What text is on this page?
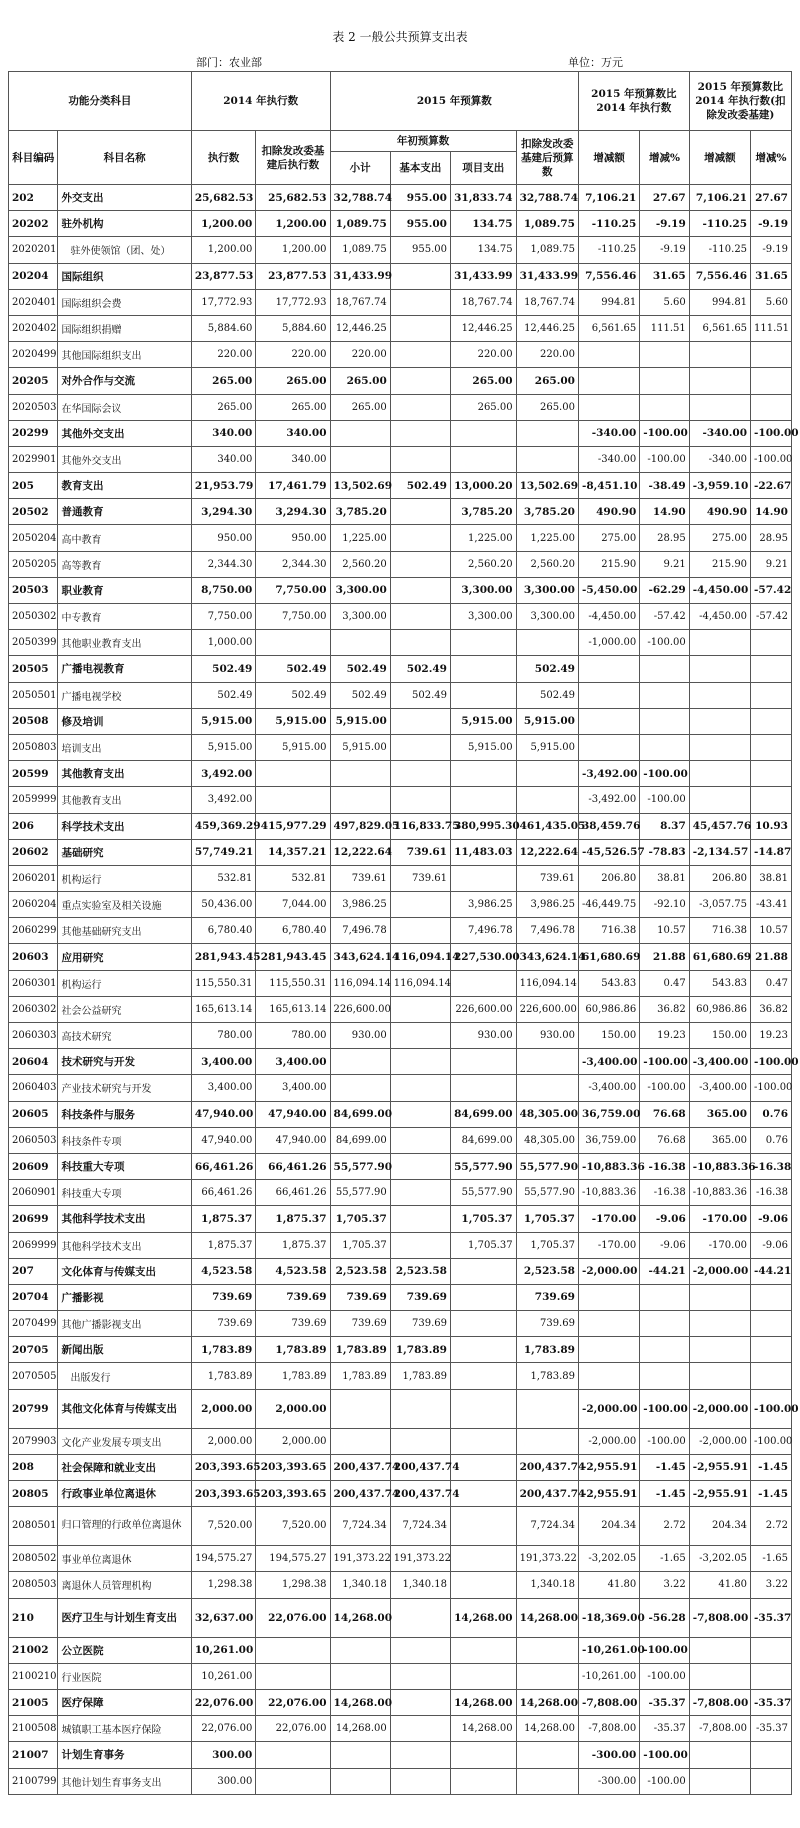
表 2 一般公共预算支出表
部门：农业部	单位：万元
功能分类科目		2014 年执行数		2015 年预算数				2015 年预算数比 2014 年执行数		2015 年预算数比 2014 年执行数(扣除发改委基建)	
科目编码	科目名称	执行数	扣除发改委基建后执行数	年初预算数			扣除发改委基建后预算数	增减额	增减%	增减额	增减%
				小计	基本支出	项目支出					
202	外交支出	25,682.53	25,682.53	32,788.74	955.00	31,833.74	32,788.74	7,106.21	27.67	7,106.21	27.67
20202	驻外机构	1,200.00	1,200.00	1,089.75	955.00	134.75	1,089.75	-110.25	-9.19	-110.25	-9.19
2020201	驻外使领馆（团、处）	1,200.00	1,200.00	1,089.75	955.00	134.75	1,089.75	-110.25	-9.19	-110.25	-9.19
20204	国际组织	23,877.53	23,877.53	31,433.99		31,433.99	31,433.99	7,556.46	31.65	7,556.46	31.65
2020401	国际组织会费	17,772.93	17,772.93	18,767.74		18,767.74	18,767.74	994.81	5.60	994.81	5.60
2020402	国际组织捐赠	5,884.60	5,884.60	12,446.25		12,446.25	12,446.25	6,561.65	111.51	6,561.65	111.51
2020499	其他国际组织支出	220.00	220.00	220.00		220.00	220.00				
20205	对外合作与交流	265.00	265.00	265.00		265.00	265.00				
2020503	在华国际会议	265.00	265.00	265.00		265.00	265.00				
20299	其他外交支出	340.00	340.00					-340.00	-100.00	-340.00	-100.00
2029901	其他外交支出	340.00	340.00					-340.00	-100.00	-340.00	-100.00
205	教育支出	21,953.79	17,461.79	13,502.69	502.49	13,000.20	13,502.69	-8,451.10	-38.49	-3,959.10	-22.67
20502	普通教育	3,294.30	3,294.30	3,785.20		3,785.20	3,785.20	490.90	14.90	490.90	14.90
2050204	高中教育	950.00	950.00	1,225.00		1,225.00	1,225.00	275.00	28.95	275.00	28.95
2050205	高等教育	2,344.30	2,344.30	2,560.20		2,560.20	2,560.20	215.90	9.21	215.90	9.21
20503	职业教育	8,750.00	7,750.00	3,300.00		3,300.00	3,300.00	-5,450.00	-62.29	-4,450.00	-57.42
2050302	中专教育	7,750.00	7,750.00	3,300.00		3,300.00	3,300.00	-4,450.00	-57.42	-4,450.00	-57.42
2050399	其他职业教育支出	1,000.00						-1,000.00	-100.00		
20505	广播电视教育	502.49	502.49	502.49	502.49		502.49				
2050501	广播电视学校	502.49	502.49	502.49	502.49		502.49				
20508	修及培训	5,915.00	5,915.00	5,915.00		5,915.00	5,915.00				
2050803	培训支出	5,915.00	5,915.00	5,915.00		5,915.00	5,915.00				
20599	其他教育支出	3,492.00						-3,492.00	-100.00		
2059999	其他教育支出	3,492.00						-3,492.00	-100.00		
206	科学技术支出	459,369.29	415,977.29	497,829.05	116,833.75	380,995.30	461,435.05	38,459.76	8.37	45,457.76	10.93
20602	基础研究	57,749.21	14,357.21	12,222.64	739.61	11,483.03	12,222.64	-45,526.57	-78.83	-2,134.57	-14.87
2060201	机构运行	532.81	532.81	739.61	739.61		739.61	206.80	38.81	206.80	38.81
2060204	重点实验室及相关设施	50,436.00	7,044.00	3,986.25		3,986.25	3,986.25	-46,449.75	-92.10	-3,057.75	-43.41
2060299	其他基础研究支出	6,780.40	6,780.40	7,496.78		7,496.78	7,496.78	716.38	10.57	716.38	10.57
20603	应用研究	281,943.45	281,943.45	343,624.14	116,094.14	227,530.00	343,624.14	61,680.69	21.88	61,680.69	21.88
2060301	机构运行	115,550.31	115,550.31	116,094.14	116,094.14		116,094.14	543.83	0.47	543.83	0.47
2060302	社会公益研究	165,613.14	165,613.14	226,600.00		226,600.00	226,600.00	60,986.86	36.82	60,986.86	36.82
2060303	高技术研究	780.00	780.00	930.00		930.00	930.00	150.00	19.23	150.00	19.23
20604	技术研究与开发	3,400.00	3,400.00					-3,400.00	-100.00	-3,400.00	-100.00
2060403	产业技术研究与开发	3,400.00	3,400.00					-3,400.00	-100.00	-3,400.00	-100.00
20605	科技条件与服务	47,940.00	47,940.00	84,699.00		84,699.00	48,305.00	36,759.00	76.68	365.00	0.76
2060503	科技条件专项	47,940.00	47,940.00	84,699.00		84,699.00	48,305.00	36,759.00	76.68	365.00	0.76
20609	科技重大专项	66,461.26	66,461.26	55,577.90		55,577.90	55,577.90	-10,883.36	-16.38	-10,883.36	-16.38
2060901	科技重大专项	66,461.26	66,461.26	55,577.90		55,577.90	55,577.90	-10,883.36	-16.38	-10,883.36	-16.38
20699	其他科学技术支出	1,875.37	1,875.37	1,705.37		1,705.37	1,705.37	-170.00	-9.06	-170.00	-9.06
2069999	其他科学技术支出	1,875.37	1,875.37	1,705.37		1,705.37	1,705.37	-170.00	-9.06	-170.00	-9.06
207	文化体育与传媒支出	4,523.58	4,523.58	2,523.58	2,523.58		2,523.58	-2,000.00	-44.21	-2,000.00	-44.21
20704	广播影视	739.69	739.69	739.69	739.69		739.69				
2070499	其他广播影视支出	739.69	739.69	739.69	739.69		739.69				
20705	新闻出版	1,783.89	1,783.89	1,783.89	1,783.89		1,783.89				
2070505	出版发行	1,783.89	1,783.89	1,783.89	1,783.89		1,783.89				
20799	其他文化体育与传媒支出	2,000.00	2,000.00					-2,000.00	-100.00	-2,000.00	-100.00
2079903	文化产业发展专项支出	2,000.00	2,000.00					-2,000.00	-100.00	-2,000.00	-100.00
208	社会保障和就业支出	203,393.65	203,393.65	200,437.74	200,437.74		200,437.74	-2,955.91	-1.45	-2,955.91	-1.45
20805	行政事业单位离退休	203,393.65	203,393.65	200,437.74	200,437.74		200,437.74	-2,955.91	-1.45	-2,955.91	-1.45
2080501	归口管理的行政单位离退休	7,520.00	7,520.00	7,724.34	7,724.34		7,724.34	204.34	2.72	204.34	2.72
2080502	事业单位离退休	194,575.27	194,575.27	191,373.22	191,373.22		191,373.22	-3,202.05	-1.65	-3,202.05	-1.65
2080503	离退休人员管理机构	1,298.38	1,298.38	1,340.18	1,340.18		1,340.18	41.80	3.22	41.80	3.22
210	医疗卫生与计划生育支出	32,637.00	22,076.00	14,268.00		14,268.00	14,268.00	-18,369.00	-56.28	-7,808.00	-35.37
21002	公立医院	10,261.00						-10,261.00	-100.00		
2100210	行业医院	10,261.00						-10,261.00	-100.00		
21005	医疗保障	22,076.00	22,076.00	14,268.00		14,268.00	14,268.00	-7,808.00	-35.37	-7,808.00	-35.37
2100508	城镇职工基本医疗保险	22,076.00	22,076.00	14,268.00		14,268.00	14,268.00	-7,808.00	-35.37	-7,808.00	-35.37
21007	计划生育事务	300.00						-300.00	-100.00		
2100799	其他计划生育事务支出	300.00						-300.00	-100.00		
